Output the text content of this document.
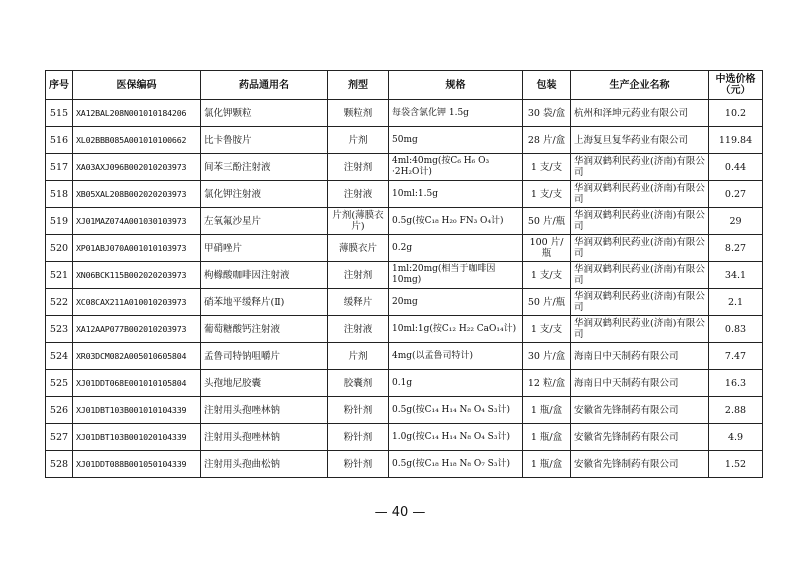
序号	医保编码	药品通用名	剂型	规格	包装	生产企业名称	中选价格（元）
515	XA12BAL208N001010184206	氯化钾颗粒	颗粒剂	每袋含氯化钾 1.5g	30 袋/盒	杭州和泽坤元药业有限公司	10.2
516	XL02BBB085A001010100662	比卡鲁胺片	片剂	50mg	28 片/盒	上海复旦复华药业有限公司	119.84
517	XA03AXJ096B002010203973	间苯三酚注射液	注射剂	4ml:40mg(按C₆ H₆ O₃ ·2H₂O计)	1 支/支	华润双鹤利民药业(济南)有限公司	0.44
518	XB05XAL208B002020203973	氯化钾注射液	注射液	10ml:1.5g	1 支/支	华润双鹤利民药业(济南)有限公司	0.27
519	XJ01MAZ074A001030103973	左氧氟沙星片	片剂(薄膜衣片)	0.5g(按C₁₈ H₂₀ FN₃ O₄计)	50 片/瓶	华润双鹤利民药业(济南)有限公司	29
520	XP01ABJ070A001010103973	甲硝唑片	薄膜衣片	0.2g	100 片/瓶	华润双鹤利民药业(济南)有限公司	8.27
521	XN06BCK115B002020203973	枸橼酸咖啡因注射液	注射剂	1ml:20mg(相当于咖啡因10mg)	1 支/支	华润双鹤利民药业(济南)有限公司	34.1
522	XC08CAX211A010010203973	硝苯地平缓释片(Ⅱ)	缓释片	20mg	50 片/瓶	华润双鹤利民药业(济南)有限公司	2.1
523	XA12AAP077B002010203973	葡萄糖酸钙注射液	注射液	10ml:1g(按C₁₂ H₂₂ CaO₁₄计)	1 支/支	华润双鹤利民药业(济南)有限公司	0.83
524	XR03DCM082A005010605804	孟鲁司特钠咀嚼片	片剂	4mg(以孟鲁司特计)	30 片/盒	海南日中天制药有限公司	7.47
525	XJ01DDT068E001010105804	头孢地尼胶囊	胶囊剂	0.1g	12 粒/盒	海南日中天制药有限公司	16.3
526	XJ01DBT103B001010104339	注射用头孢唑林钠	粉针剂	0.5g(按C₁₄ H₁₄ N₈ O₄ S₃计)	1 瓶/盒	安徽省先锋制药有限公司	2.88
527	XJ01DBT103B001020104339	注射用头孢唑林钠	粉针剂	1.0g(按C₁₄ H₁₄ N₈ O₄ S₃计)	1 瓶/盒	安徽省先锋制药有限公司	4.9
528	XJ01DDT088B001050104339	注射用头孢曲松钠	粉针剂	0.5g(按C₁₈ H₁₈ N₈ O₇ S₃计)	1 瓶/盒	安徽省先锋制药有限公司	1.52
— 40 —
